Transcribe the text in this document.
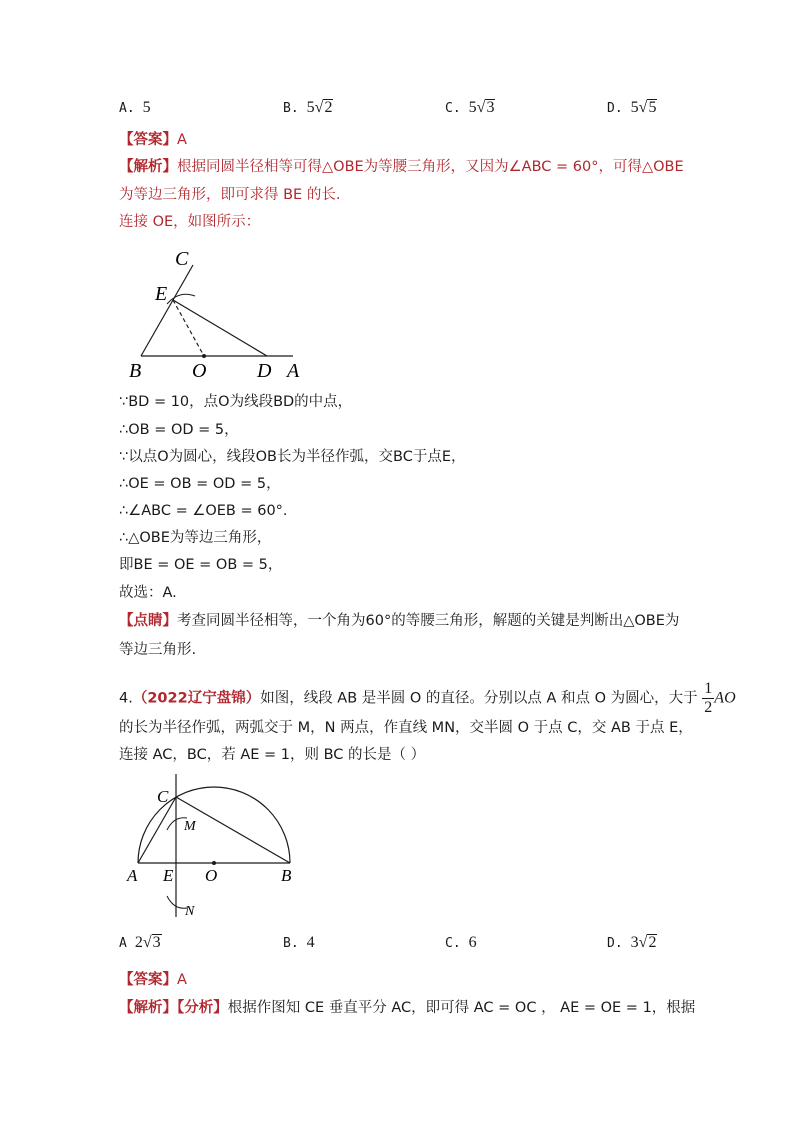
A. 5	B. 5√2	C. 5√3	D. 5√5
【答案】A
【解析】根据同圆半径相等可得△OBE为等腰三角形，又因为∠ABC = 60°，可得△OBE
为等边三角形，即可求得 BE 的长.
连接 OE，如图所示：
C
E
B	O	D A
∵BD = 10，点O为线段BD的中点，
∴OB = OD = 5，
∵以点O为圆心，线段OB长为半径作弧，交BC于点E，
∴OE = OB = OD = 5，
∴∠ABC = ∠OEB = 60°.
∴△OBE为等边三角形，
即BE = OE = OB = 5，
故选：A.
【点睛】考查同圆半径相等，一个角为60°的等腰三角形，解题的关键是判断出△OBE为
等边三角形.
4.（2022辽宁盘锦）如图，线段 AB 是半圆 O 的直径。分别以点 A 和点 O 为圆心，大于 $\frac{1}{2}$ AO
的长为半径作弧，两弧交于 M，N 两点，作直线 MN，交半圆 O 于点 C，交 AB 于点 E，
连接 AC，BC，若 AE = 1，则 BC 的长是（ ）
C
M
A E O	B
N
A 2√3	B. 4	C. 6	D. 3√2
【答案】A
【解析】【分析】根据作图知 CE 垂直平分 AC，即可得 AC = OC ， AE = OE = 1，根据
